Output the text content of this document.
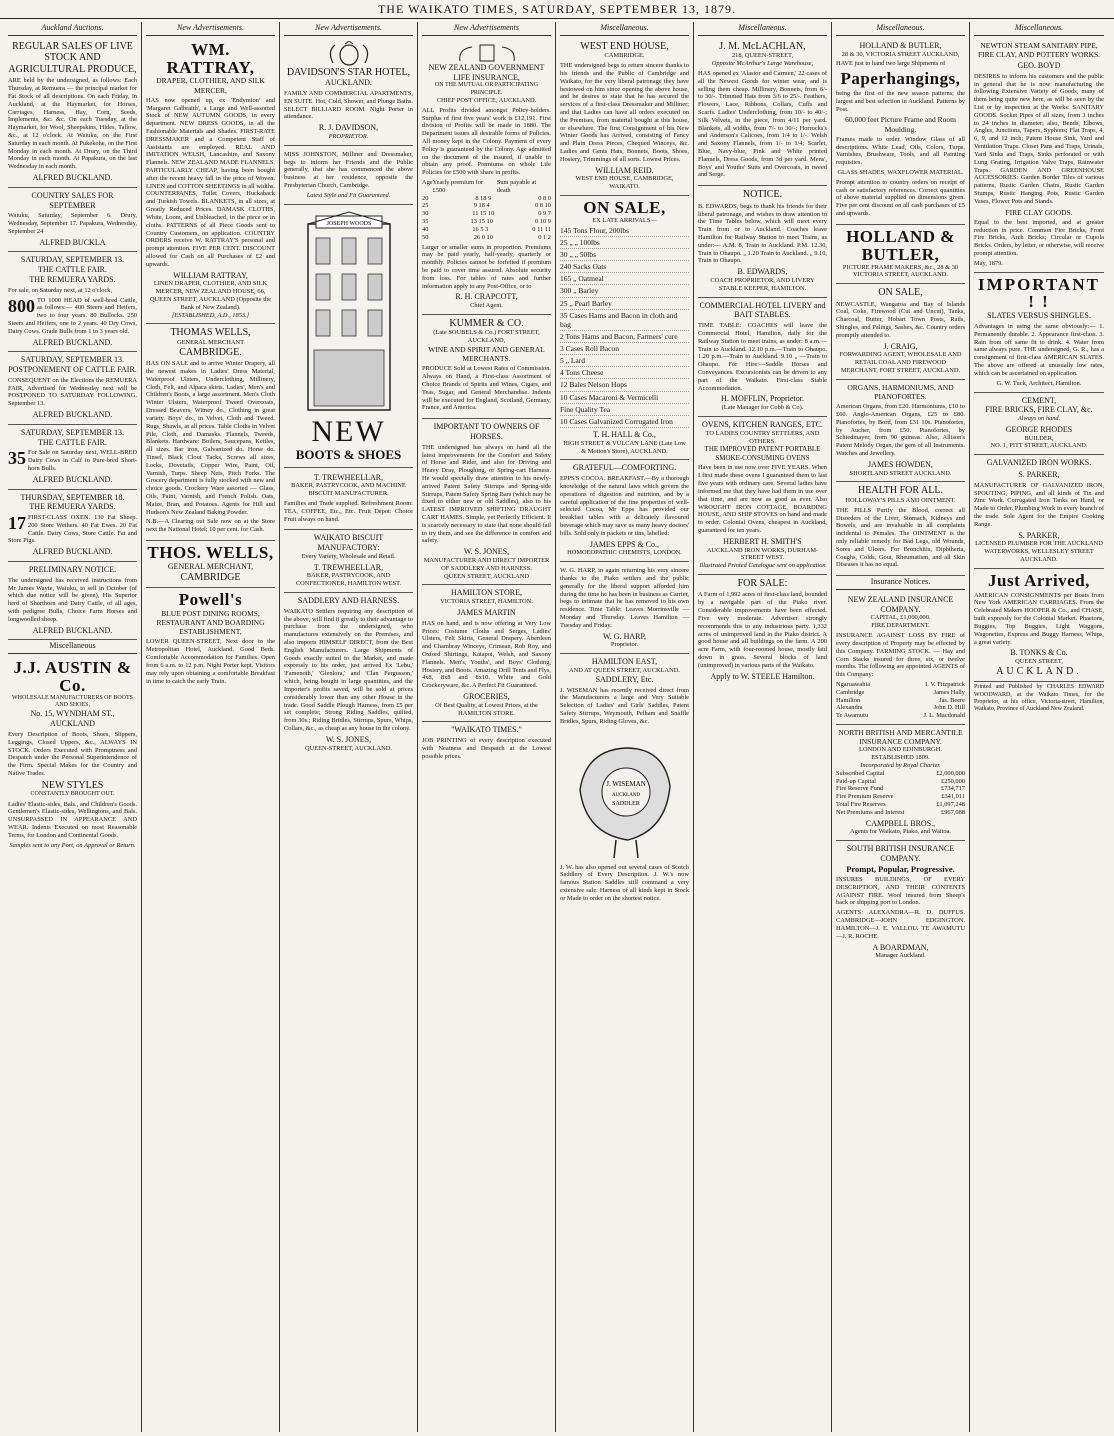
THE WAIKATO TIMES, SATURDAY, SEPTEMBER 13, 1879.
Auckland Auctions.
REGULAR SALES OF LIVE STOCK AND AGRICULTURAL PRODUCE,
ARE held by the undersigned, as follows: Each Thursday, at Remuera — the principal market for Fat Stock of all descriptions. On each Friday, in Auckland, at the Haymarket, for Horses, Carriages, Harness, Hay, Corn, Seeds, Implements, &c. &c. On each Tuesday, at the Haymarket, for Wool, Sheepskins, Hides, Tallow, &c., at 12 o'clock. At Waiuku, on the First Saturday in each month. At Pukekohe, on the First Monday in each month. At Drury, on the Third Monday in each month. At Papakura, on the last Wednesday in each month.
ALFRED BUCKLAND.
COUNTRY SALES FOR SEPTEMBER
Waiuku, Saturday, September 6. Drury, Wednesday, September 17. Papakura, Wednesday, September 24
ALFRED BUCKLA
SATURDAY, SEPTEMBER 13.
THE CATTLE FAIR.
THE REMUERA YARDS.
For sale, on Saturday next, at 12 o'clock,
800 TO 1000 HEAD of well-bred Cattle, as follows:— 400 Steers and Heifers, two to four years. 80 Bullocks. 250 Steers and Heifers, one to 2 years. 40 Dry Cows, Dairy Cows. Grade Bulls from 1 to 3 years old.
ALFRED BUCKLAND.
SATURDAY, SEPTEMBER 13.
POSTPONEMENT OF CATTLE FAIR.
CONSEQUENT on the Elections the REMUERA FAIR, Advertised for Wednesday next will be POSTPONED TO SATURDAY FOLLOWING. September 13.
ALFRED BUCKLAND.
SATURDAY, SEPTEMBER 13.
THE CATTLE FAIR.
35 For Sale on Saturday next, WELL-BRED Dairy Cows in Calf to Pure-bred Short-horn Bulls.
ALFRED BUCKLAND.
THURSDAY, SEPTEMBER 18.
THE REMUERA YARDS.
17 FIRST-CLASS OXEN. 130 Fat Sheep. 200 Store Wethers. 40 Fat Ewes. 20 Fat Cattle. Dairy Cows, Store Cattle. Fat and Store Pigs.
ALFRED BUCKLAND.
PRELIMINARY NOTICE.
The undersigned has received instructions from Mr James Wayte, Waiuku, to sell in October (of which due notice will be given), His Superior herd of Shorthorn and Dairy Cattle, of all ages, with pedigree Bulls, Choice Farm Horses and longwoolled sheep.
ALFRED BUCKLAND.
Miscellaneous
J.J. AUSTIN & Co.
WHOLESALE MANUFACTURERS OF BOOTS AND SHOES,
No. 15, WYNDHAM ST., AUCKLAND
Every Description of Boots, Shoes, Slippers, Leggings, Closed Uppers, &c., ALWAYS IN STOCK. Orders Executed with Promptness and Despatch under the Personal Superintendence of the Firm. Special Makes for the Country and Native Trades.
NEW STYLES
CONSTANTLY BROUGHT OUT.
Ladies' Elastic-sides, Bals., and Children's Goods. Gentlemen's Elastic-sides, Wellingtons, and Bals. UNSURPASSED IN APPEARANCE AND WEAR. Indents Executed on most Reasonable Terms, for London and Continental Goods.
Samples sent to any Port, on Approval or Return.
New Advertisements.
WM. RATTRAY,
DRAPER, CLOTHIER, AND SILK MERCER,
HAS now opened up, ex 'Endymion' and 'Margaret Galbraith', a Large and Well-assorted Stock of NEW AUTUMN GOODS, in every department. NEW DRESS GOODS, in all the Fashionable Materials and Shades. FIRST-RATE DRESSMAKER and a Competent Staff of Assistants are employed. REAL AND IMITATION WELSH, Lancashire, and Saxony Flannels. NEW ZEALAND MADE FLANNELS. PARTICULARLY CHEAP, having been bought after the recent heavy fall in the price of Woven. LINEN and COTTON SHEETINGS in all widths. COUNTERPANES, Toilet Covers, Huckaback and Turkish Towels. BLANKETS, in all sizes, at Greatly Reduced Prices. DAMASK CLOTHS, White, Loom, and Unbleached, in the piece or in cloths. PATTERNS of all Piece Goods sent to Country Customers, on application. COUNTRY ORDERS receive W. RATTRAY'S personal and prompt attention. FIVE PER CENT. DISCOUNT allowed for Cash on all Purchases of £2 and upwards.
WILLIAM RATTRAY,
LINEN DRAPER, CLOTHIER, AND SILK MERCER, NEW ZEALAND HOUSE, 66, QUEEN STREET, AUCKLAND (Opposite the Bank of New Zealand).
[ESTABLISHED, A.D., 1853.]
THOMAS WELLS,
GENERAL MERCHANT
CAMBRIDGE.
HAS ON SALE and to arrive Winter Drapery, all the newest makes in Ladies' Dress Material, Waterproof Ulsters, Underclothing, Millinery, Cloth, Felt, and Alpaca skirts. Ladies', Men's and Children's Boots, a large assortment. Men's Cloth Winter Ulsters, Waterproof Tweed Overcoats, Dressed Beavers, Witney do., Clothing in great variety. Boys' do., in Velvet, Cloth and Tweed. Rugs, Shawls, at all prices. Table Cloths in Velvet Pile, Cloth, and Damasks. Flannels, Tweeds, Blankets. Hardware: Boilers, Saucepans, Kettles, all sizes. Bar iron, Galvanized do. Horse do. Tinsel, Black Clout Tacks, Screws all sizes, Locks, Dovetails, Copper Wire, Paint, Oil, Varnish, Turps. Sheep Nets, Pitch Forks. The Grocery department is fully stocked with new and choice goods. Crockery Ware assorted — Glass, Oils, Paint, Varnish, and French Polish. Oats, Maize, Bran, and Potatoes. Agents for Hill and Hudson's New Zealand Baking Powder.
N.B.—A Clearing out Sale now on at the Store next the National Hotel; 10 per cent. for Cash.
THOS. WELLS,
GENERAL MERCHANT,
CAMBRIDGE
Powell's
BLUE POST DINING ROOMS, RESTAURANT AND BOARDING ESTABLISHMENT,
LOWER QUEEN-STREET, Next door to the Metropolitan Hotel, Auckland. Good Beds. Comfortable Accommodation for Families. Open from 6 a.m. to 12 p.m. Night Porter kept. Visitors may rely upon obtaining a comfortable Breakfast in time to catch the early Train.
New Advertisements.
DAVIDSON'S STAR HOTEL,
AUCKLAND.
FAMILY AND COMMERCIAL APARTMENTS, EN SUITE. Hot, Cold, Shower, and Plunge Baths. SELECT BILLIARD ROOM. Night Porter in attendance.
R. J. DAVIDSON,
PROPRIETOR.
MISS JOHNSTON, Milliner and Dressmaker, begs to inform her Friends and the Public generally, that she has commenced the above business at her residence, opposite the Presbyterian Church, Cambridge.
Latest Style and Fit Guaranteed.
JOSEPH WOODS
NEW
BOOTS & SHOES
T. TREWHEELLAR,
BAKER, PASTRYCOOK, AND MACHINE BISCUIT MANUFACTURER.
Families and Trade supplied. Refreshment Room: TEA, COFFEE, Etc., Etc. Fruit Depot: Choice Fruit always on hand.
WAIKATO BISCUIT MANUFACTORY:
Every Variety, Wholesale and Retail.
T. TREWHEELLAR,
BAKER, PASTRYCOOK, AND CONFECTIONER, HAMILTON WEST.
SADDLERY AND HARNESS.
WAIKATO Settlers requiring any description of the above, will find it greatly to their advantage to purchase from the undersigned, who manufactures extensively on the Premises, and also imports HIMSELF DIRECT, from the Best English Manufacturers. Large Shipments of Goods exactly suited to the Market, and made expressly to his order, just arrived Ex 'Lebu,' 'Famenoth,' 'Glenlora,' and 'Clan Fergusson,' which, being bought in large quantities, and the Importer's profits saved, will be sold at prices considerably lower than any other House in the trade. Good Saddle Plough Harness, from £5 per set complete; Strong Riding Saddles, quilted, from 30s.; Riding Bridles, Stirrups, Spurs, Whips, Collars, &c., as cheap as any house in the colony.
W. S. JONES,
QUEEN-STREET, AUCKLAND.
New Advertisements
NEW ZEALAND GOVERNMENT LIFE INSURANCE,
ON THE MUTUAL OR PARTICIPATING PRINCIPLE.
CHIEF POST OFFICE, AUCKLAND.
ALL Profits divided amongst Policy-holders. Surplus of first five years' work is £12,191. First division of Profits will be made in 1880. The Department issues all desirable forms of Policies. All money kept in the Colony. Payment of every Policy is guaranteed by the Colony. Age admitted on the document of the insured, if unable to obtain any proof. Premiums on whole Life Policies for £500 with share in profits.
Age Yearly premium for £500
Sum payable at death
20	8 18 9	0 8 0
25	9 18 4	0 8 10
30	11 15 10	0 9 7
35	13 15 10	0 10 9
40	16 5 3	0 11 11
50	26 0 10	0 1 2
Larger or smaller sums in proportion. Premiums may be paid yearly, half-yearly, quarterly or monthly. Policies cannot be forfeited if premium be paid to cover time assured. Absolute security from loss. For tables of rates and further information apply to any Post-Office, or to
R. H. CRAPCOTT,
Chief Agent.
KUMMER & CO.
(Late SOUBELS & Co.) FORT STREET, AUCKLAND,
WINE AND SPIRIT AND GENERAL MERCHANTS.
PRODUCE Sold at Lowest Rates of Commission. Always on Hand, a First-class Assortment of Choice Brands of Spirits and Wines, Cigars, and Teas, Sugar, and General Merchandise. Indents will be executed for England, Scotland, Germany, France, and America.
IMPORTANT TO OWNERS OF HORSES.
THE undersigned has always on hand all the latest improvements for the Comfort and Safety of Horse and Rider, and also for Driving and Heavy Dray, Ploughing, or Spring-cart Harness. He would specially draw attention to his newly-arrived Patent Safety Stirrups and Spring-side Stirrups, Patent Safety Spring Bars (which may be fixed to either new or old Saddles), also to his LATEST IMPROVED SHIFTING DRAUGHT CART HAMES. Simple, yet Perfectly Efficient. It is scarcely necessary to state that none should fail to try them, and see the difference in comfort and safety.
W. S. JONES,
MANUFACTURER AND DIRECT IMPORTER OF SADDLERY AND HARNESS.
QUEEN STREET, AUCKLAND
HAMILTON STORE,
VICTORIA STREET, HAMILTON.
JAMES MARTIN
HAS on hand, and is now offering at Very Low Prices: Costume Cloths and Serges, Ladies' Ulsters, Felt Skirts, General Drapery. Aberdeen and Chambray Winceys, Crimean, Rob Roy, and Oxford Shirtings, Kaiapoi, Welsh, and Saxony Flannels. Men's, Youths', and Boys' Clothing, Hosiery, and Boots. Amazing Drill Tents and Flys, 4x8, 8x8 and 8x10. White and Gold Crockeryware, &c. A Perfect Fit Guaranteed.
GROCERIES,
Of Best Quality, at Lowest Prices, at the HAMILTON STORE.
"WAIKATO TIMES."
JOB PRINTING of every description executed with Neatness and Despatch at the Lowest possible prices.
Miscellaneous.
WEST END HOUSE,
CAMBRIDGE.
THE undersigned begs to return sincere thanks to his friends and the Public of Cambridge and Waikato, for the very liberal patronage they have bestowed on him since opening the above house, and he desires to state that he has secured the services of a first-class Dressmaker and Milliner; and that Ladies can have all orders executed on the Premises, from material bought at this house, or elsewhere. The first Consignment of his New Winter Goods has Arrived, consisting of Fancy and Plain Dress Pieces, Chequed Winceys, &c. Ladies and Gents Hats, Bonnets, Boots, Shoes, Hosiery, Trimmings of all sorts. Lowest Prices.
WILLIAM REID.
WEST END HOUSE, CAMBRIDGE, WAIKATO.
ON SALE,
EX LATE ARRIVALS—
145 Tons Flour, 200lbs
25 „ „ 100lbs
30 „ „ 50lbs
240 Sacks Oats
165 „ Oatmeal
300 „ Barley
25 „ Pearl Barley
35 Cases Hams and Bacon in cloth and bag
2 Tons Hams and Bacon, Farmers' cure
3 Cases Roll Bacon
5 „ Lard
4 Tons Cheese
12 Bales Nelson Hops
10 Cases Macaroni & Vermicelli
Fine Quality Tea
10 Cases Galvanized Corrugated Iron
T. H. HALL & Co.,
HIGH STREET & VULCAN LANE (Late Low & Motion's Store), AUCKLAND.
GRATEFUL—COMFORTING.
EPPS'S COCOA. BREAKFAST.—By a thorough knowledge of the natural laws which govern the operations of digestion and nutrition, and by a careful application of the fine properties of well-selected Cocoa, Mr Epps has provided our breakfast tables with a delicately flavoured beverage which may save us many heavy doctors' bills. Sold only in packets or tins, labelled:
JAMES EPPS & Co.,
HOMOEOPATHIC CHEMISTS, LONDON.
W. G. HARP, in again returning his very sincere thanks to the Piako settlers and the public generally for the liberal support afforded him during the time he has been in business as Carrier, begs to intimate that he has removed to his own residence. Time Table: Leaves Morrinsville — Monday and Thursday. Leaves Hamilton — Tuesday and Friday.
W. G. HARP,
Proprietor.
HAMILTON EAST,
AND AT QUEEN STREET, AUCKLAND.
SADDLERY, Etc.
J. WISEMAN has recently received direct from the Manufacturers a large and Very Suitable Selection of Ladies' and Girls' Saddles, Patent Safety Stirrups, Weymouth, Pelham and Snaffle Bridles, Spurs, Riding Gloves, &c.
J. WISEMAN
AUCKLAND
SADDLER
J. W. has also opened out several cases of Scotch Saddlery of Every Description. J. W.'s now famous Station Saddles still command a very extensive sale. Harness of all kinds kept in Stock or Made to order on the shortest notice.
Miscellaneous.
J. M. McLACHLAN,
218, QUEEN-STREET,
Opposite McArthur's Large Warehouse,
HAS opened ex 'Alastor and Carmen,' 22 cases of all the Newest Goods for winter wear, and is selling them cheap. Millinery, Bonnets, from 6/- to 30/-. Trimmed Hats from 3/6 to 25/-. Feathers, Flowers, Lace, Ribbons, Collars, Cuffs and Scarfs. Ladies' Underclothing, from 10/- to 40/-; Silk Velvets, in the piece, from 4/11 per yard. Blankets, all widths, from 7/- to 30/-; Horrocks's and Anderson's Calicoes, from 1/4 to 1/-. Welsh and Saxony Flannels, from 1/- to 1/4; Scarlet, Blue, Navy-blue, Pink and White printed Flannels, Dress Goods, from 3d per yard. Mens', Boys' and Youths' Suits and Overcoats, in tweed and Serge.
NOTICE.
B. EDWARDS, begs to thank his friends for their liberal patronage, and wishes to draw attention to the Time Tables below, which will meet every Train from or to Auckland. Coaches leave Hamilton for Railway Station to meet Trains, as under:— A.M. 8, Train to Auckland. P.M. 12.30, Train to Ohaupo. „ 1.20 Train to Auckland. „ 9.10, Train to Ohaupo.
B. EDWARDS,
COACH PROPRIETOR, AND LIVERY STABLE KEEPER, HAMILTON.
COMMERCIAL HOTEL LIVERY and BAIT STABLES.
TIME TABLE: COACHES will leave the Commercial Hotel, Hamilton, daily for the Railway Station to meet trains, as under: 8 a.m.—Train to Auckland. 12.10 p.m.—Train to Ohaupo. 1.20 p.m.—Train to Auckland. 9.10 „ —Train to Ohaupo. For Hire:—Saddle Horses and Conveyances. Excursionists can be driven to any part of the Waikato. First-class Stable Accommodation.
H. MOFFLIN, Proprietor.
(Late Manager for Cobb & Co).
OVENS, KITCHEN RANGES, ETC.
TO LADIES COUNTRY SETTLERS, AND OTHERS.
THE IMPROVED PATENT PORTABLE SMOKE-CONSUMING OVENS
Have been in use now over FIVE YEARS. When I first made these ovens I guaranteed them to last five years with ordinary care. Several ladies have informed me that they have had them in use over that time, and are now as good as ever. Also WROUGHT IRON COTTAGE, BOARDING HOUSE, AND SHIP STOVES on hand and made to order. Colonial Ovens, cheapest in Auckland, guaranteed for ten years.
HERBERT H. SMITH'S
AUCKLAND IRON WORKS, DURHAM-STREET WEST.
Illustrated Printed Catalogue sent on application
FOR SALE:
A Farm of 1,992 acres of first-class land, bounded by a navigable part of the Piako river. Considerable improvements have been effected. Five very moderate. Advertiser strongly recommends this to any industrious party. 1,332 acres of unimproved land in the Piako district. A good house and all buildings on the farm. A 200 acre Farm, with four-roomed house, mostly laid down in grass. Several blocks of land (unimproved) in various parts of the Waikato.
Apply to W. STEELE Hamilton.
Miscellaneous.
HOLLAND & BUTLER,
28 & 30, VICTORIA STREET AUCKLAND,
HAVE just to hand two large Shipments of
Paperhangings,
being the first of the new season patterns; the largest and best selection in Auckland. Patterns by Post.
60,000 feet Picture Frame and Room Moulding.
Frames made to order. Window Glass of all descriptions. White Lead, Oils, Colors, Turps, Varnishes, Brushware, Tools, and all Painting requisites.
GLASS SHADES, WAXFLOWER MATERIAL.
Prompt attention to country orders on receipt of cash or satisfactory references. Correct quantities of above material supplied on dimensions given. Five per cent discount on all cash purchases of £5 and upwards.
HOLLAND & BUTLER,
PICTURE FRAME MAKERS, &c., 28 & 30 VICTORIA STREET, AUCKLAND.
ON SALE,
NEWCASTLE, Wangaroa and Bay of Islands Coal, Coke, Firewood (Cut and Uncut), Tanks, Charcoal, Butter, Hobart Town Posts, Rails, Shingles, and Palings, Sashes, &c. Country orders promptly attended to.
J. CRAIG,
FORWARDING AGENT, WHOLESALE AND RETAIL COAL AND FIREWOOD MERCHANT, FORT STREET, AUCKLAND.
ORGANS, HARMONIUMS, AND PIANOFORTES.
American Organs, from £20. Harmoniums, £10 to £60. Anglo-American Organs, £25 to £80. Pianofortes, by Bord, from £31 10s. Pianofortes, by Aucher, from £50. Pianofortes, by Schiedmayer, from 90 guineas. Also, Allison's Patent Melody Organ, the gem of all Instruments. Watches and Jewellery.
JAMES HOWDEN,
SHORTLAND STREET AUCKLAND.
HEALTH FOR ALL.
HOLLOWAY'S PILLS AND OINTMENT.
THE PILLS Purify the Blood, correct all Disorders of the Liver, Stomach, Kidneys and Bowels, and are invaluable in all complaints incidental to Females. The OINTMENT is the only reliable remedy for Bad Legs, old Wounds, Sores and Ulcers. For Bronchitis, Diphtheria, Coughs, Colds, Gout, Rheumatism, and all Skin Diseases it has no equal.
Insurance Notices.
NEW ZEALAND INSURANCE COMPANY.
CAPITAL, £1,000,000.
FIRE DEPARTMENT.
INSURANCE AGAINST LOSS BY FIRE of every description of Property may be effected by this Company. FARMING STOCK. — Hay and Corn Stacks insured for three, six, or twelve months. The following are appointed AGENTS of this Company:
Ngaruawahia	I. V. Fitzpatrick
Cambridge	James Hally
Hamilton	Jas. Beere
Alexandra	John D. Hill
Te Awamutu	J. L. Macdonald
NORTH BRITISH AND MERCANTILE INSURANCE COMPANY.
LONDON AND EDINBURGH.
ESTABLISHED 1809.
Incorporated by Royal Charter.
Subscribed Capital	£2,000,000
Paid-up Capital	£250,000
Fire Reserve Fund	£734,717
Fire Premium Reserve	£341,011
Total Fire Reserves	£1,097,248
Net Premiums and Interest	£967,088
CAMPBELL BROS.,
Agents for Waikato, Piako, and Waitoa.
SOUTH BRITISH INSURANCE COMPANY.
Prompt, Popular, Progressive.
INSURES BUILDINGS, OF EVERY DESCRIPTION, AND THEIR CONTENTS AGAINST FIRE. Wool insured from Sheep's back or shipping port to London.
AGENTS: ALEXANDRA—R. D. DUFFUS. CAMBRIDGE—JOHN EDGINGTON. HAMILTON—J. E. VALLOU. TE AWAMUTU—J. R. ROCHE.
A BOARDMAN,
Manager Auckland.
Miscellaneous.
NEWTON STEAM SANITARY PIPE, FIRE CLAY, AND POTTERY WORKS.
GEO. BOYD
DESIRES to inform his customers and the public in general that he is now manufacturing the following Extensive Variety of Goods, many of them being quite new here, as will be seen by the List or by inspection at the Works: SANITARY GOODS. Socket Pipes of all sizes, from 3 inches to 24 inches in diameter; also, Bends, Elbows, Angles, Junctions, Tapers, Syphons; Flat Traps, 4, 6, 9, and 12 inch; Patent House Sink, Yard and Ventilation Traps. Closet Pans and Traps, Urinals, Yard Sinks and Traps, Sinks perforated or with Lung Grating, Irrigation Valve Traps, Rainwater Traps. GARDEN AND GREENHOUSE ACCESSORIES: Garden Border Tiles of various patterns, Rustic Garden Chairs, Rustic Garden Stumps, Rustic Hanging Pots, Rustic Garden Vases, Flower Pots and Stands.
FIRE CLAY GOODS.
Equal to the best imported, and at greater reduction in price. Common Fire Bricks, Front Fire Bricks, Arch Bricks; Circular or Cupola Bricks. Orders, by letter, or otherwise, will receive prompt attention.
May, 1879.
IMPORTANT ! !
SLATES VERSUS SHINGLES.
Advantages in using the same obviously:— 1. Permanently durable. 2. Appearance first-class. 3. Rain from off same fit to drink. 4. Water from same always pure. THE undersigned, G. R., has a consignment of first-class AMERICAN SLATES. The above are offered at unusually low rates, which can be ascertained on application.
G. W. Tuck, Architect, Hamilton.
CEMENT,
FIRE BRICKS, FIRE CLAY, &c.
Always on hand.
GEORGE RHODES
BUILDER,
NO. 1, PITT STREET, AUCKLAND.
GALVANIZED IRON WORKS.
S. PARKER,
MANUFACTURER OF GALVANIZED IRON, SPOUTING, PIPING, and all kinds of Tin and Zinc Work. Corrugated Iron Tanks on Hand, or Made to Order. Plumbing Work in every branch of the trade. Sole Agent for the Empire Cooking Range.
S. PARKER,
LICENSED PLUMBER FOR THE AUCKLAND WATERWORKS, WELLESLEY STREET AUCKLAND.
Just Arrived,
AMERICAN CONSIGNMENTS per Boats from New York AMERICAN CARRIAGES. From the Celebrated Makers HOOPER & Co., and CHASE, built expressly for the Colonial Market. Phaetons, Buggies, Top Buggies, Light Waggons, Wagonettes, Express and Buggy Harness, Whips, a great variety.
B. TONKS & Co.
QUEEN STREET,
AUCKLAND.
Printed and Published by CHARLES EDWARD WOODWARD, at the Waikato Times, for the Proprietor, at his office, Victoria-street, Hamilton, Waikato, Province of Auckland New Zealand.
